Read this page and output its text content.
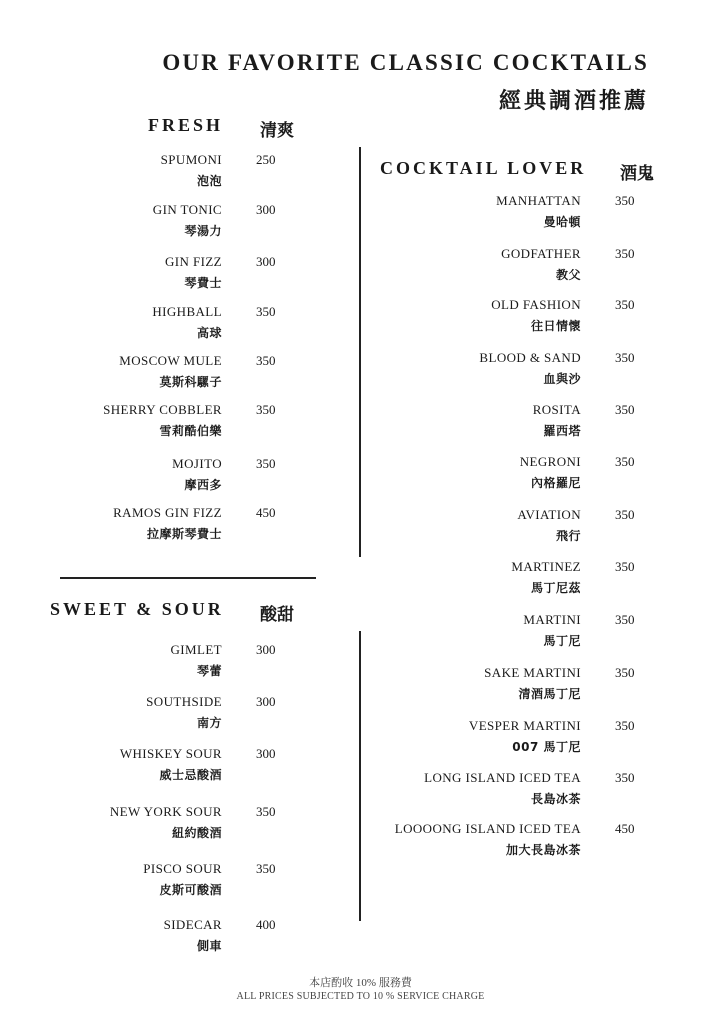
OUR FAVORITE CLASSIC COCKTAILS
經典調酒推薦
FRESH 清爽
SPUMONI
泡泡
250
GIN TONIC
琴湯力
300
GIN FIZZ
琴費士
300
HIGHBALL
高球
350
MOSCOW MULE
莫斯科騾子
350
SHERRY COBBLER
雪莉酷伯樂
350
MOJITO
摩西多
350
RAMOS GIN FIZZ
拉摩斯琴費士
450
SWEET & SOUR 酸甜
GIMLET
琴蕾
300
SOUTHSIDE
南方
300
WHISKEY SOUR
威士忌酸酒
300
NEW YORK SOUR
紐約酸酒
350
PISCO SOUR
皮斯可酸酒
350
SIDECAR
側車
400
COCKTAIL LOVER 酒鬼
MANHATTAN
曼哈頓
350
GODFATHER
教父
350
OLD FASHION
往日情懷
350
BLOOD & SAND
血與沙
350
ROSITA
羅西塔
350
NEGRONI
內格羅尼
350
AVIATION
飛行
350
MARTINEZ
馬丁尼茲
350
MARTINI
馬丁尼
350
SAKE MARTINI
清酒馬丁尼
350
VESPER MARTINI
007 馬丁尼
350
LONG ISLAND ICED TEA
長島冰茶
350
LOOOONG ISLAND ICED TEA
加大長島冰茶
450
本店酌收 10% 服務費
ALL PRICES SUBJECTED TO 10 % SERVICE CHARGE
